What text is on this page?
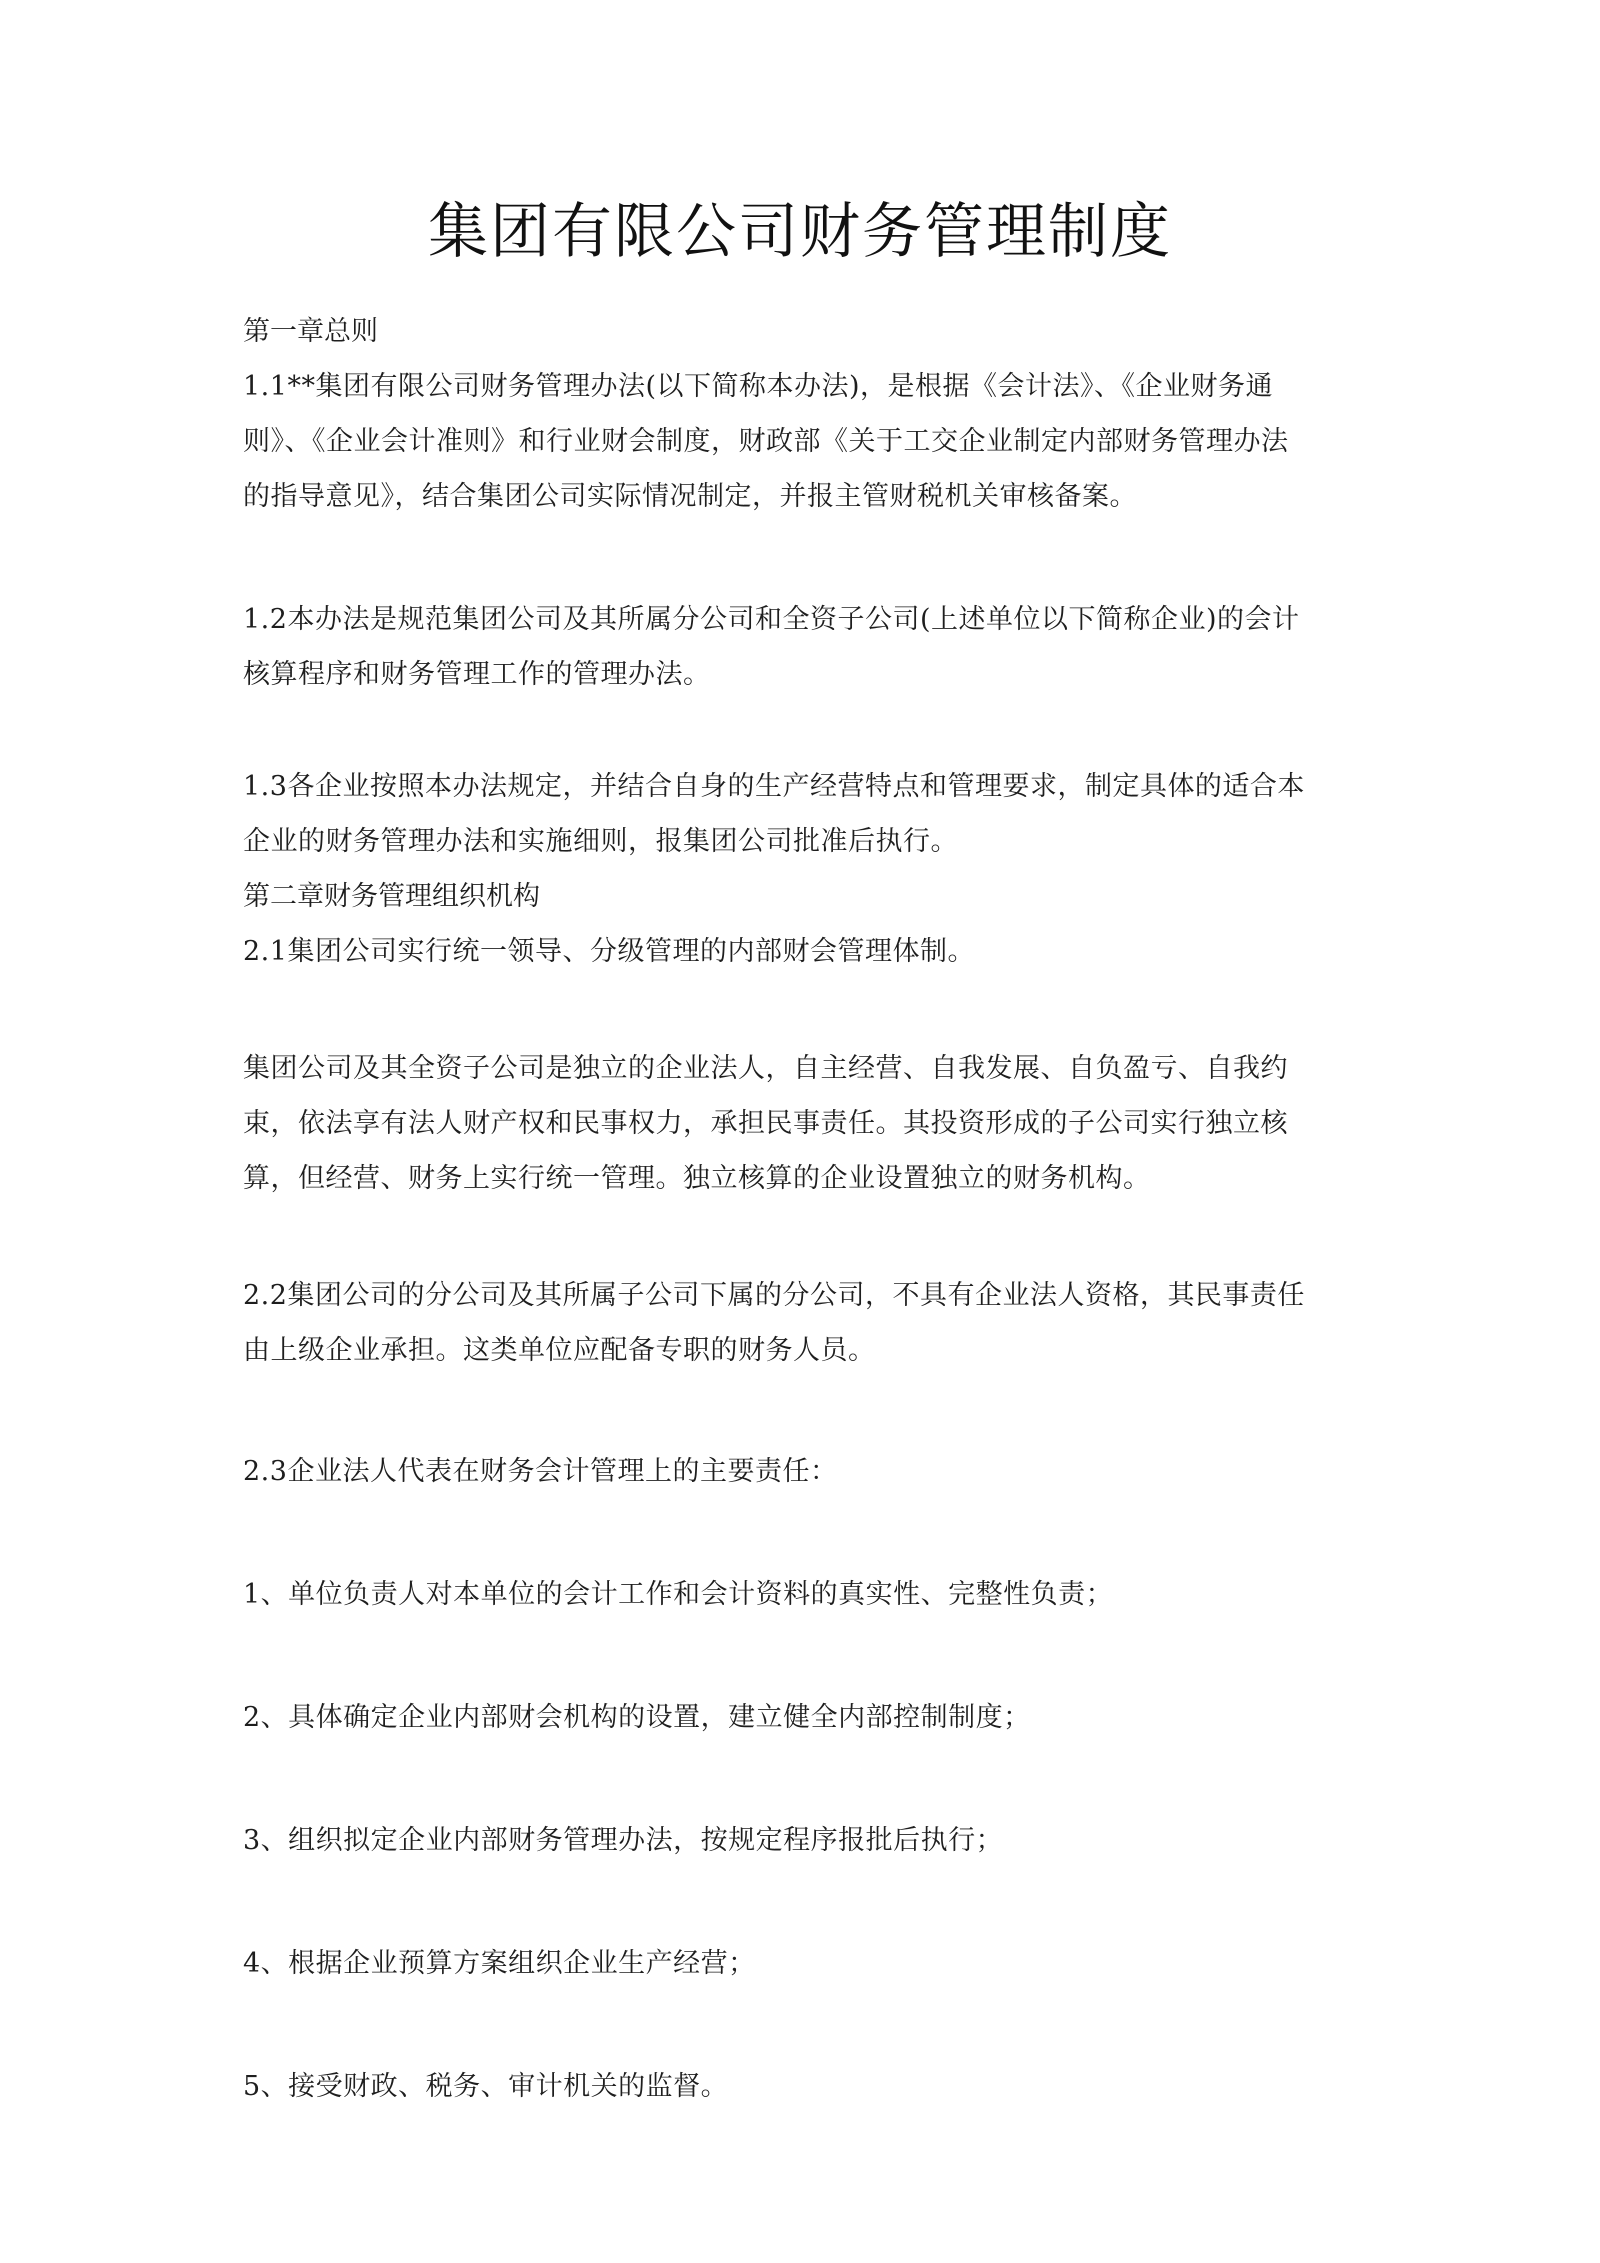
集团有限公司财务管理制度

第一章总则

1.1**集团有限公司财务管理办法(以下简称本办法)，是根据《会计法》、《企业财务通

则》、《企业会计准则》和行业财会制度，财政部《关于工交企业制定内部财务管理办法

的指导意见》，结合集团公司实际情况制定，并报主管财税机关审核备案。

1.2本办法是规范集团公司及其所属分公司和全资子公司(上述单位以下简称企业)的会计

核算程序和财务管理工作的管理办法。

1.3各企业按照本办法规定，并结合自身的生产经营特点和管理要求，制定具体的适合本

企业的财务管理办法和实施细则，报集团公司批准后执行。

第二章财务管理组织机构

2.1集团公司实行统一领导、分级管理的内部财会管理体制。

集团公司及其全资子公司是独立的企业法人，自主经营、自我发展、自负盈亏、自我约

束，依法享有法人财产权和民事权力，承担民事责任。其投资形成的子公司实行独立核

算，但经营、财务上实行统一管理。独立核算的企业设置独立的财务机构。

2.2集团公司的分公司及其所属子公司下属的分公司，不具有企业法人资格，其民事责任

由上级企业承担。这类单位应配备专职的财务人员。

2.3企业法人代表在财务会计管理上的主要责任：

1、单位负责人对本单位的会计工作和会计资料的真实性、完整性负责；

2、具体确定企业内部财会机构的设置，建立健全内部控制制度；

3、组织拟定企业内部财务管理办法，按规定程序报批后执行；

4、根据企业预算方案组织企业生产经营；

5、接受财政、税务、审计机关的监督。
